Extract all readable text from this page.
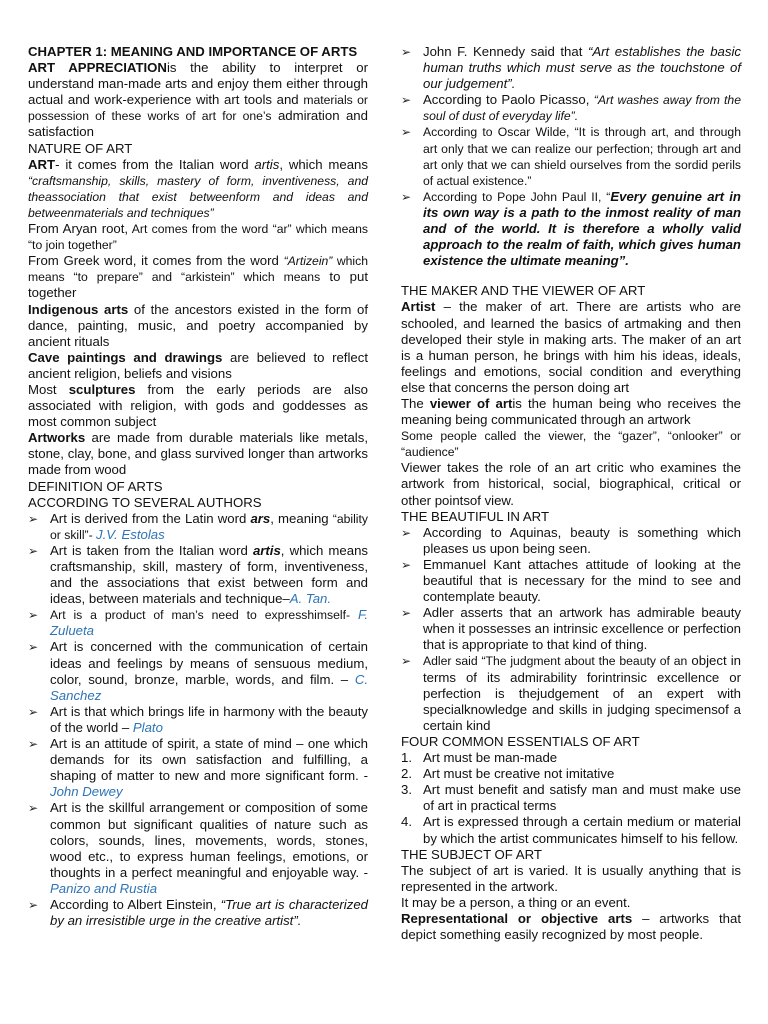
CHAPTER 1: MEANING AND IMPORTANCE OF ARTS

ART APPRECIATIONis the ability to interpret or understand man-made arts and enjoy them either through actual and work-experience with art tools and materials or possession of these works of art for one’s admiration and satisfaction

NATURE OF ART

ART- it comes from the Italian word artis, which means “craftsmanship, skills, mastery of form, inventiveness, and theassociation that exist betweenform and ideas and betweenmaterials and techniques”

From Aryan root, Art comes from the word “ar” which means “to join together”

From Greek word, it comes from the word “Artizein” which means “to prepare” and “arkistein” which means to put together

Indigenous arts of the ancestors existed in the form of dance, painting, music, and poetry accompanied by ancient rituals

Cave paintings and drawings are believed to reflect ancient religion, beliefs and visions

Most sculptures from the early periods are also associated with religion, with gods and goddesses as most common subject

Artworks are made from durable materials like metals, stone, clay, bone, and glass survived longer than artworks made from wood

DEFINITION OF ARTS

ACCORDING TO SEVERAL AUTHORS

➢ Art is derived from the Latin word ars, meaning “ability or skill”- J.V. Estolas

➢ Art is taken from the Italian word artis, which means craftsmanship, skill, mastery of form, inventiveness, and the associations that exist between form and ideas, between materials and technique–A. Tan.

➢ Art is a product of man’s need to expresshimself- F. Zulueta

➢ Art is concerned with the communication of certain ideas and feelings by means of sensuous medium, color, sound, bronze, marble, words, and film. – C. Sanchez

➢ Art is that which brings life in harmony with the beauty of the world – Plato

➢ Art is an attitude of spirit, a state of mind – one which demands for its own satisfaction and fulfilling, a shaping of matter to new and more significant form. - John Dewey

➢ Art is the skillful arrangement or composition of some common but significant qualities of nature such as colors, sounds, lines, movements, words, stones, wood etc., to express human feelings, emotions, or thoughts in a perfect meaningful and enjoyable way. - Panizo and Rustia

➢ According to Albert Einstein, “True art is characterized by an irresistible urge in the creative artist”.

➢ John F. Kennedy said that “Art establishes the basic human truths which must serve as the touchstone of our judgement”.

➢ According to Paolo Picasso, “Art washes away from the soul of dust of everyday life”.

➢ According to Oscar Wilde, “It is through art, and through art only that we can realize our perfection; through art and art only that we can shield ourselves from the sordid perils of actual existence.”

➢ According to Pope John Paul II, “Every genuine art in its own way is a path to the inmost reality of man and of the world. It is therefore a wholly valid approach to the realm of faith, which gives human existence the ultimate meaning”.

THE MAKER AND THE VIEWER OF ART

Artist – the maker of art. There are artists who are schooled, and learned the basics of artmaking and then developed their style in making arts. The maker of an art is a human person, he brings with him his ideas, ideals, feelings and emotions, social condition and everything else that concerns the person doing art

The viewer of artis the human being who receives the meaning being communicated through an artwork

Some people called the viewer, the “gazer”, “onlooker” or “audience”

Viewer takes the role of an art critic who examines the artwork from historical, social, biographical, critical or other pointsof view.

THE BEAUTIFUL IN ART

➢ According to Aquinas, beauty is something which pleases us upon being seen.

➢ Emmanuel Kant attaches attitude of looking at the beautiful that is necessary for the mind to see and contemplate beauty.

➢ Adler asserts that an artwork has admirable beauty when it possesses an intrinsic excellence or perfection that is appropriate to that kind of thing.

➢ Adler said “The judgment about the beauty of an object in terms of its admirability forintrinsic excellence or perfection is thejudgement of an expert with specialknowledge and skills in judging specimensof a certain kind

FOUR COMMON ESSENTIALS OF ART

1. Art must be man-made

2. Art must be creative not imitative

3. Art must benefit and satisfy man and must make use of art in practical terms

4. Art is expressed through a certain medium or material by which the artist communicates himself to his fellow.

THE SUBJECT OF ART

The subject of art is varied. It is usually anything that is represented in the artwork.

It may be a person, a thing or an event.

Representational or objective arts – artworks that depict something easily recognized by most people.
